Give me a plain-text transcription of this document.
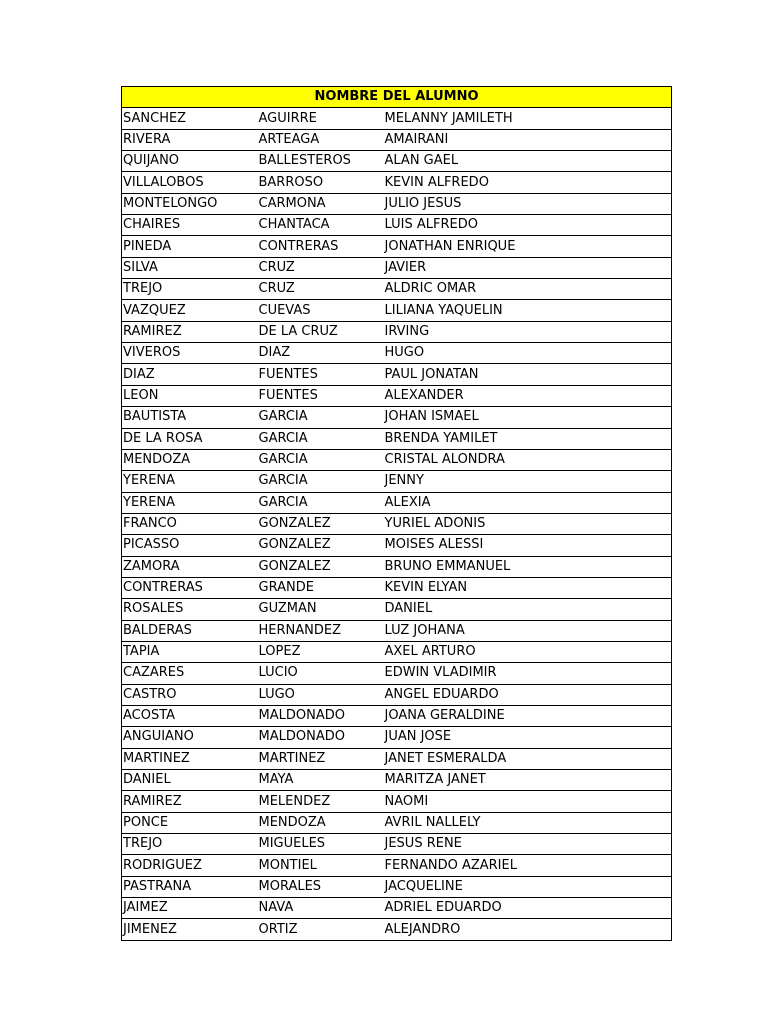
NOMBRE DEL ALUMNO		
SANCHEZ	AGUIRRE	MELANNY JAMILETH
RIVERA	ARTEAGA	AMAIRANI
QUIJANO	BALLESTEROS	ALAN GAEL
VILLALOBOS	BARROSO	KEVIN ALFREDO
MONTELONGO	CARMONA	JULIO JESUS
CHAIRES	CHANTACA	LUIS ALFREDO
PINEDA	CONTRERAS	JONATHAN ENRIQUE
SILVA	CRUZ	JAVIER
TREJO	CRUZ	ALDRIC OMAR
VAZQUEZ	CUEVAS	LILIANA YAQUELIN
RAMIREZ	DE LA CRUZ	IRVING
VIVEROS	DIAZ	HUGO
DIAZ	FUENTES	PAUL JONATAN
LEON	FUENTES	ALEXANDER
BAUTISTA	GARCIA	JOHAN ISMAEL
DE LA ROSA	GARCIA	BRENDA YAMILET
MENDOZA	GARCIA	CRISTAL ALONDRA
YERENA	GARCIA	JENNY
YERENA	GARCIA	ALEXIA
FRANCO	GONZALEZ	YURIEL ADONIS
PICASSO	GONZALEZ	MOISES ALESSI
ZAMORA	GONZALEZ	BRUNO EMMANUEL
CONTRERAS	GRANDE	KEVIN ELYAN
ROSALES	GUZMAN	DANIEL
BALDERAS	HERNANDEZ	LUZ JOHANA
TAPIA	LOPEZ	AXEL ARTURO
CAZARES	LUCIO	EDWIN VLADIMIR
CASTRO	LUGO	ANGEL EDUARDO
ACOSTA	MALDONADO	JOANA GERALDINE
ANGUIANO	MALDONADO	JUAN JOSE
MARTINEZ	MARTINEZ	JANET ESMERALDA
DANIEL	MAYA	MARITZA JANET
RAMIREZ	MELENDEZ	NAOMI
PONCE	MENDOZA	AVRIL NALLELY
TREJO	MIGUELES	JESUS RENE
RODRIGUEZ	MONTIEL	FERNANDO AZARIEL
PASTRANA	MORALES	JACQUELINE
JAIMEZ	NAVA	ADRIEL EDUARDO
JIMENEZ	ORTIZ	ALEJANDRO
